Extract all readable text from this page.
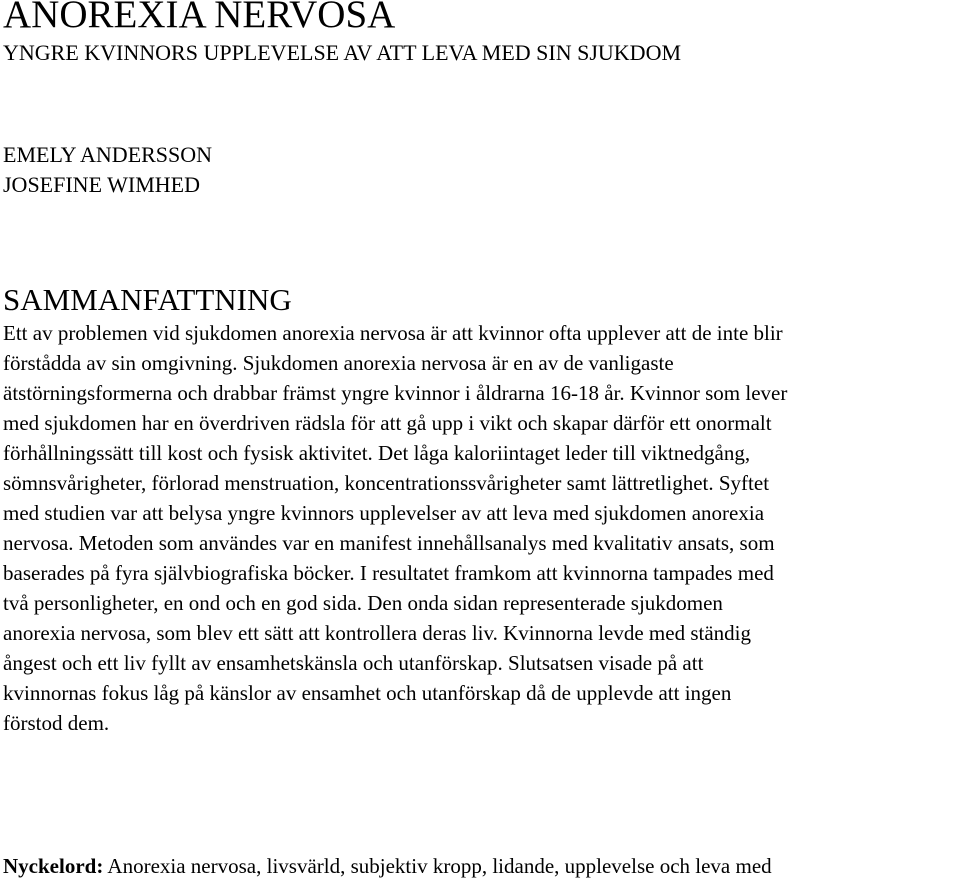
ANOREXIA NERVOSA
YNGRE KVINNORS UPPLEVELSE AV ATT LEVA MED SIN SJUKDOM
EMELY ANDERSSON
JOSEFINE WIMHED
SAMMANFATTNING

Ett av problemen vid sjukdomen anorexia nervosa är att kvinnor ofta upplever att de inte blir
förstådda av sin omgivning. Sjukdomen anorexia nervosa är en av de vanligaste
ätstörningsformerna och drabbar främst yngre kvinnor i åldrarna 16-18 år. Kvinnor som lever
med sjukdomen har en överdriven rädsla för att gå upp i vikt och skapar därför ett onormalt
förhållningssätt till kost och fysisk aktivitet. Det låga kaloriintaget leder till viktnedgång,
sömnsvårigheter, förlorad menstruation, koncentrationssvårigheter samt lättretlighet. Syftet
med studien var att belysa yngre kvinnors upplevelser av att leva med sjukdomen anorexia
nervosa. Metoden som användes var en manifest innehållsanalys med kvalitativ ansats, som
baserades på fyra självbiografiska böcker. I resultatet framkom att kvinnorna tampades med
två personligheter, en ond och en god sida. Den onda sidan representerade sjukdomen
anorexia nervosa, som blev ett sätt att kontrollera deras liv. Kvinnorna levde med ständig
ångest och ett liv fyllt av ensamhetskänsla och utanförskap. Slutsatsen visade på att
kvinnornas fokus låg på känslor av ensamhet och utanförskap då de upplevde att ingen
förstod dem.

Nyckelord: Anorexia nervosa, livsvärld, subjektiv kropp, lidande, upplevelse och leva med
